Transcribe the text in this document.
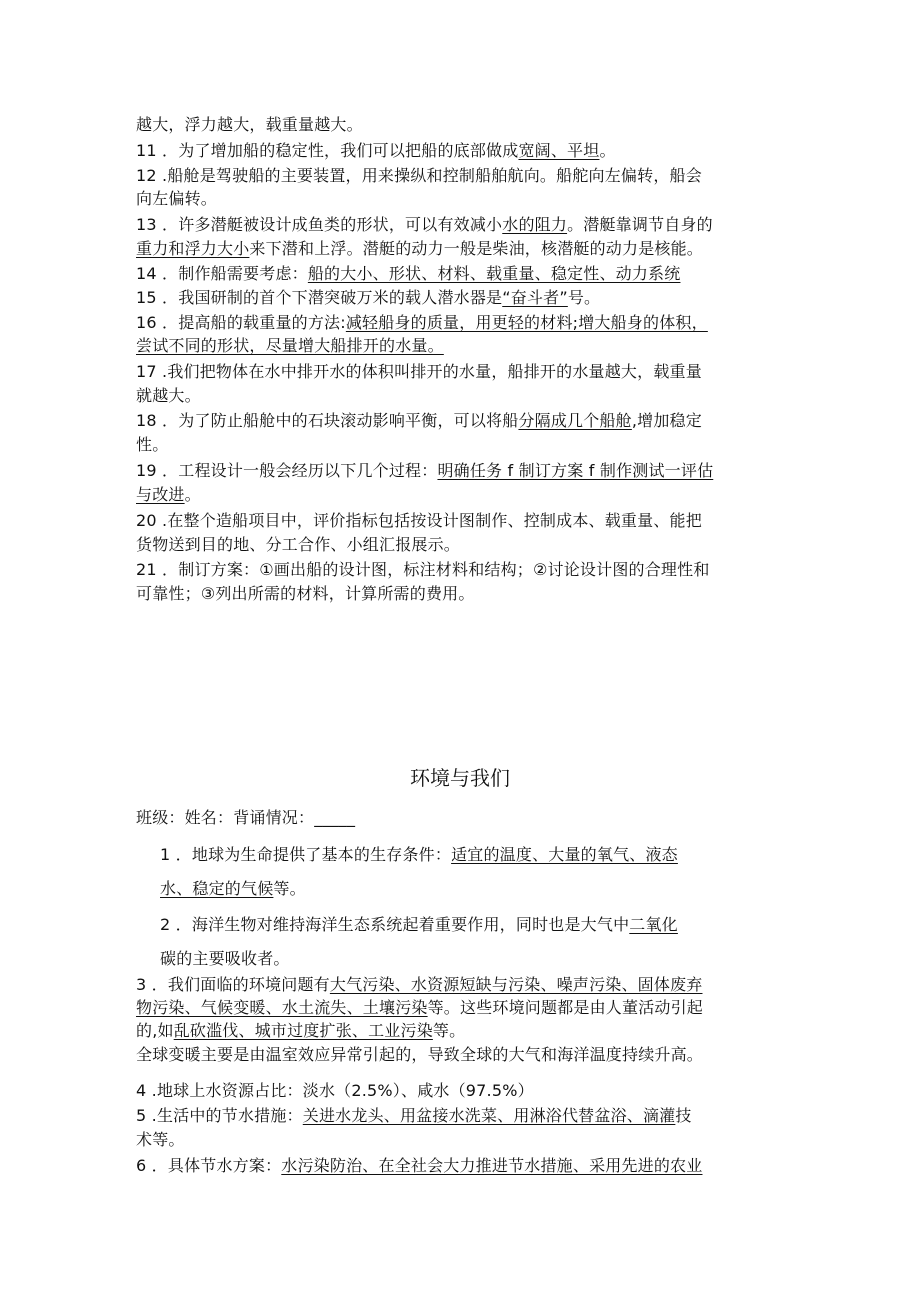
越大，浮力越大，载重量越大。
11 ．为了增加船的稳定性，我们可以把船的底部做成宽阔、平坦。
12 .船舱是驾驶船的主要装置，用来操纵和控制船舶航向。船舵向左偏转，船会
向左偏转。
13 ．许多潜艇被设计成鱼类的形状，可以有效减小水的阻力。潜艇靠调节自身的
重力和浮力大小来下潜和上浮。潜艇的动力一般是柴油，核潜艇的动力是核能。
14 ．制作船需要考虑：船的大小、形状、材料、载重量、稳定性、动力系统
15 ．我国研制的首个下潜突破万米的载人潜水器是“奋斗者”号。
16 ．提高船的载重量的方法:减轻船身的质量，用更轻的材料;增大船身的体积，
尝试不同的形状，尽量增大船排开的水量。
17 .我们把物体在水中排开水的体积叫排开的水量，船排开的水量越大，载重量
就越大。
18 ．为了防止船舱中的石块滚动影响平衡，可以将船分隔成几个船舱,增加稳定
性。
19 ．工程设计一般会经历以下几个过程：明确任务 f 制订方案 f 制作测试一评估
与改进。
20 .在整个造船项目中，评价指标包括按设计图制作、控制成本、载重量、能把
货物送到目的地、分工合作、小组汇报展示。
21 ．制订方案：①画出船的设计图，标注材料和结构；②讨论设计图的合理性和
可靠性；③列出所需的材料，计算所需的费用。
环境与我们
班级：姓名：背诵情况：_____
1 ．地球为生命提供了基本的生存条件：适宜的温度、大量的氧气、液态
水、稳定的气候等。
2 ．海洋生物对维持海洋生态系统起着重要作用，同时也是大气中二氧化
碳的主要吸收者。
3 ．我们面临的环境问题有大气污染、水资源短缺与污染、噪声污染、固体废弃
物污染、气候变暖、水土流失、土壤污染等。这些环境问题都是由人董活动引起
的,如乱砍滥伐、城市过度扩张、工业污染等。
全球变暖主要是由温室效应异常引起的，导致全球的大气和海洋温度持续升高。
4 .地球上水资源占比：淡水（2.5%）、咸水（97.5%）
5 .生活中的节水措施：关进水龙头、用盆接水洗菜、用淋浴代替盆浴、滴灌技
术等。
6 ．具体节水方案：水污染防治、在全社会大力推进节水措施、采用先进的农业
